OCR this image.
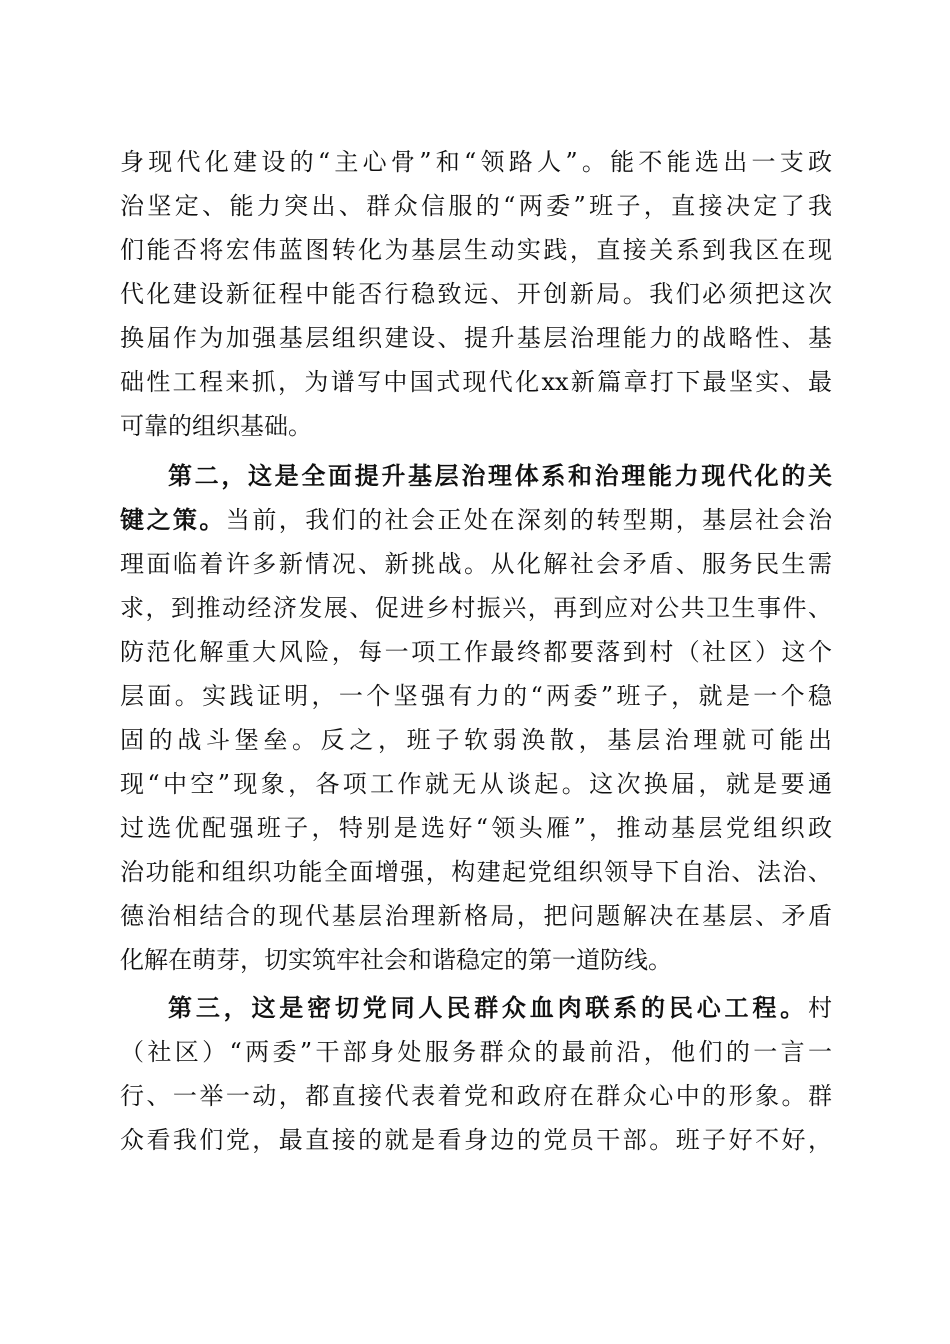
身现代化建设的“主心骨”和“领路人”。能不能选出一支政
治坚定、能力突出、群众信服的“两委”班子，直接决定了我
们能否将宏伟蓝图转化为基层生动实践，直接关系到我区在现
代化建设新征程中能否行稳致远、开创新局。我们必须把这次
换届作为加强基层组织建设、提升基层治理能力的战略性、基
础性工程来抓，为谱写中国式现代化xx新篇章打下最坚实、最
可靠的组织基础。
第二，这是全面提升基层治理体系和治理能力现代化的关
键之策。当前，我们的社会正处在深刻的转型期，基层社会治
理面临着许多新情况、新挑战。从化解社会矛盾、服务民生需
求，到推动经济发展、促进乡村振兴，再到应对公共卫生事件、
防范化解重大风险，每一项工作最终都要落到村（社区）这个
层面。实践证明，一个坚强有力的“两委”班子，就是一个稳
固的战斗堡垒。反之，班子软弱涣散，基层治理就可能出
现“中空”现象，各项工作就无从谈起。这次换届，就是要通
过选优配强班子，特别是选好“领头雁”，推动基层党组织政
治功能和组织功能全面增强，构建起党组织领导下自治、法治、
德治相结合的现代基层治理新格局，把问题解决在基层、矛盾
化解在萌芽，切实筑牢社会和谐稳定的第一道防线。
第三，这是密切党同人民群众血肉联系的民心工程。村
（社区）“两委”干部身处服务群众的最前沿，他们的一言一
行、一举一动，都直接代表着党和政府在群众心中的形象。群
众看我们党，最直接的就是看身边的党员干部。班子好不好，
